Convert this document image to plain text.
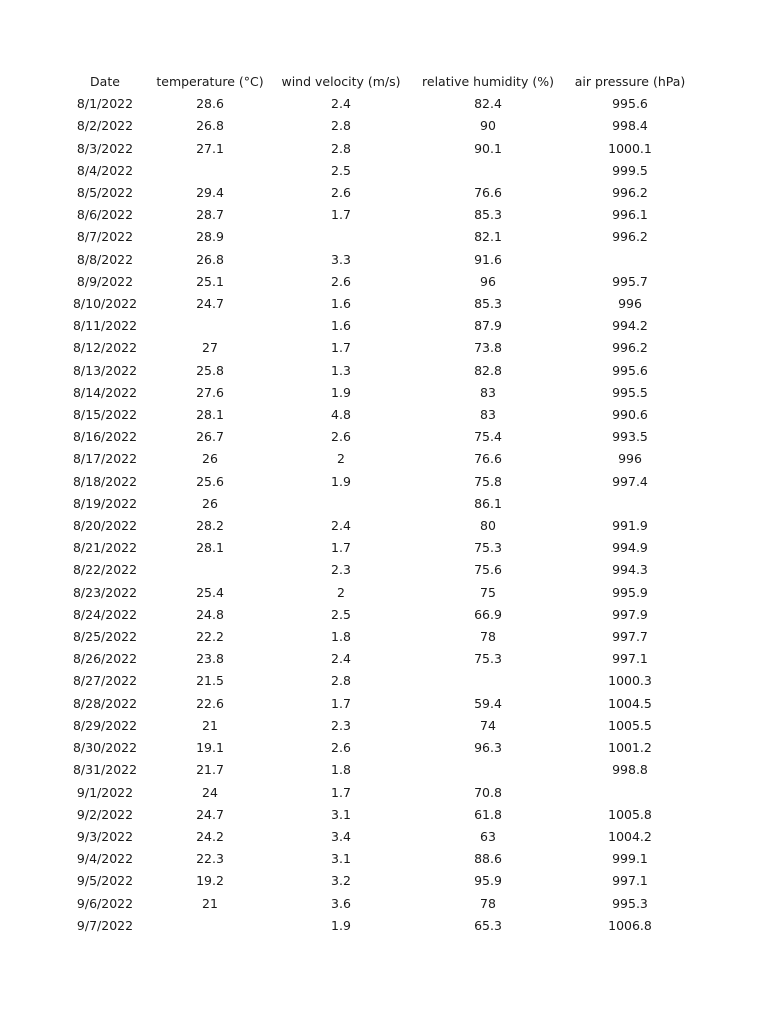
Date	temperature (°C)	wind velocity (m/s)	relative humidity (%)	air pressure (hPa)
8/1/2022	28.6	2.4	82.4	995.6
8/2/2022	26.8	2.8	90	998.4
8/3/2022	27.1	2.8	90.1	1000.1
8/4/2022		2.5		999.5
8/5/2022	29.4	2.6	76.6	996.2
8/6/2022	28.7	1.7	85.3	996.1
8/7/2022	28.9		82.1	996.2
8/8/2022	26.8	3.3	91.6	
8/9/2022	25.1	2.6	96	995.7
8/10/2022	24.7	1.6	85.3	996
8/11/2022		1.6	87.9	994.2
8/12/2022	27	1.7	73.8	996.2
8/13/2022	25.8	1.3	82.8	995.6
8/14/2022	27.6	1.9	83	995.5
8/15/2022	28.1	4.8	83	990.6
8/16/2022	26.7	2.6	75.4	993.5
8/17/2022	26	2	76.6	996
8/18/2022	25.6	1.9	75.8	997.4
8/19/2022	26		86.1	
8/20/2022	28.2	2.4	80	991.9
8/21/2022	28.1	1.7	75.3	994.9
8/22/2022		2.3	75.6	994.3
8/23/2022	25.4	2	75	995.9
8/24/2022	24.8	2.5	66.9	997.9
8/25/2022	22.2	1.8	78	997.7
8/26/2022	23.8	2.4	75.3	997.1
8/27/2022	21.5	2.8		1000.3
8/28/2022	22.6	1.7	59.4	1004.5
8/29/2022	21	2.3	74	1005.5
8/30/2022	19.1	2.6	96.3	1001.2
8/31/2022	21.7	1.8		998.8
9/1/2022	24	1.7	70.8	
9/2/2022	24.7	3.1	61.8	1005.8
9/3/2022	24.2	3.4	63	1004.2
9/4/2022	22.3	3.1	88.6	999.1
9/5/2022	19.2	3.2	95.9	997.1
9/6/2022	21	3.6	78	995.3
9/7/2022		1.9	65.3	1006.8
